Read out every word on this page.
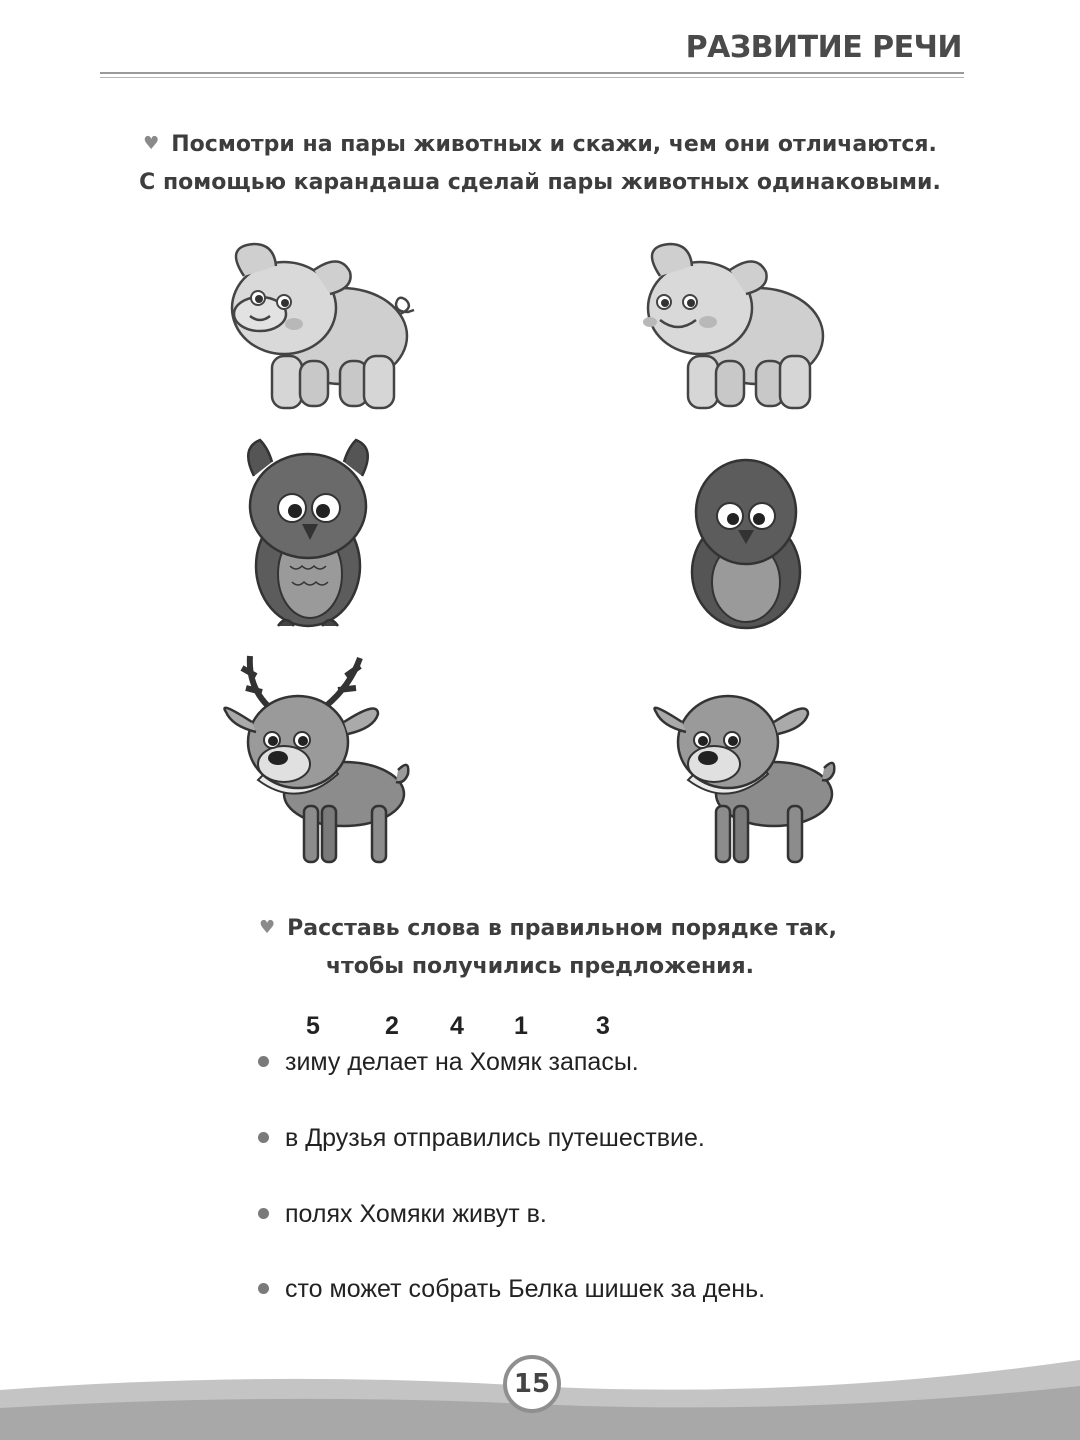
РАЗВИТИЕ РЕЧИ
♥ Посмотри на пары животных и скажи, чем они отличаются.
С помощью карандаша сделай пары животных одинаковыми.
♥ Расставь слова в правильном порядке так,
чтобы получились предложения.
5	2 4 1	3
зиму делает на Хомяк запасы.
в Друзья отправились путешествие.
полях Хомяки живут в.
сто может собрать Белка шишек за день.
15
